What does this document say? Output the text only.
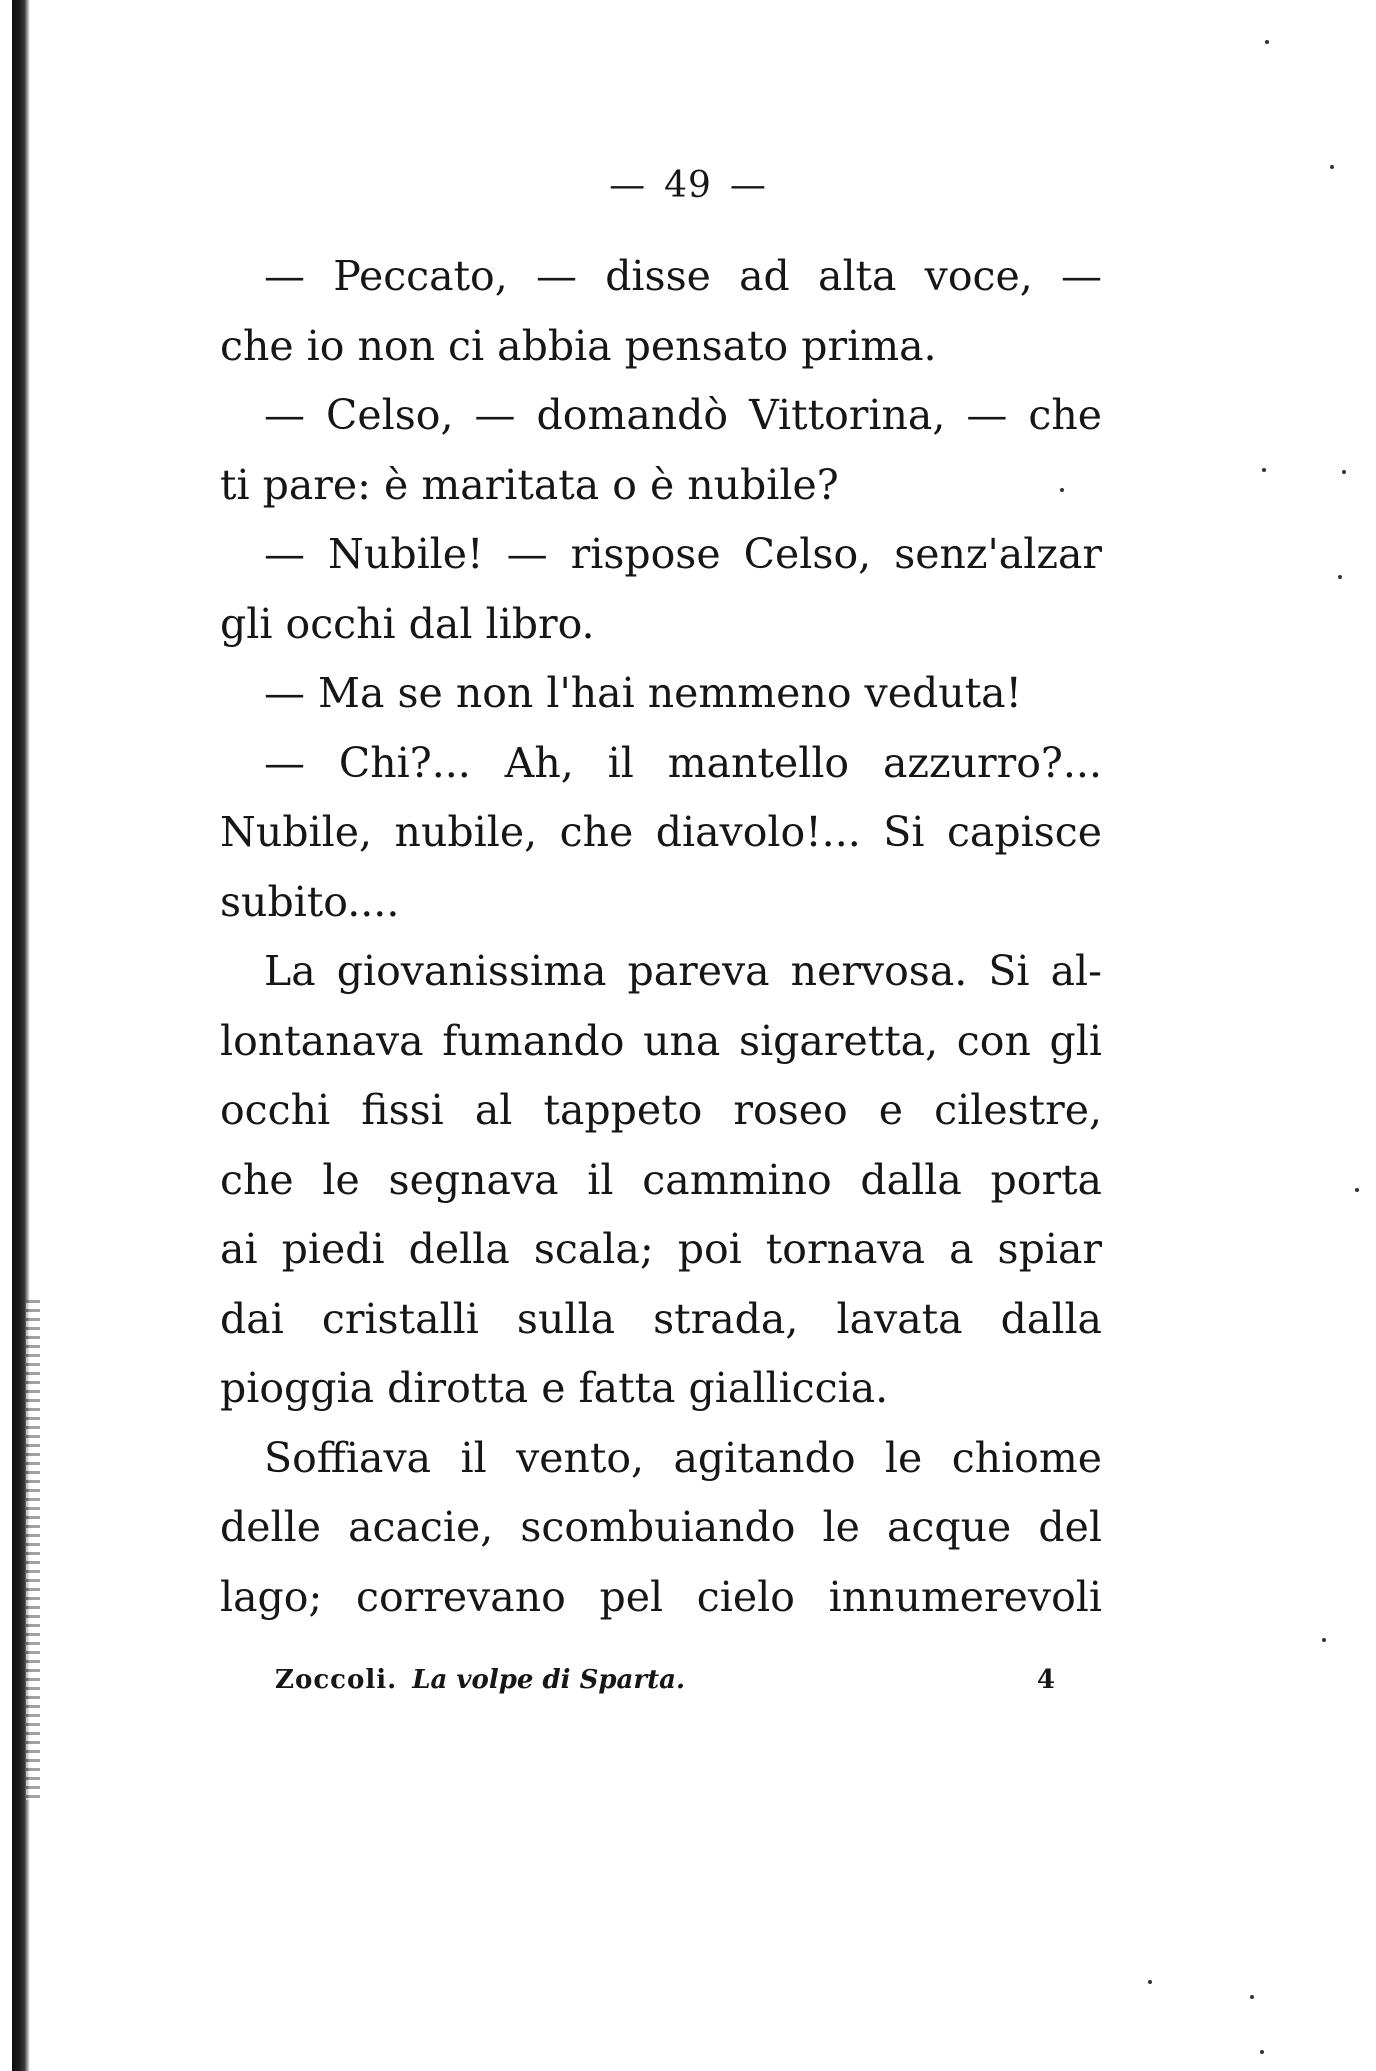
— 49 —
— Peccato, — disse ad alta voce, —
che io non ci abbia pensato prima.
— Celso, — domandò Vittorina, — che
ti pare: è maritata o è nubile?
— Nubile! — rispose Celso, senz'alzar
gli occhi dal libro.
— Ma se non l'hai nemmeno veduta!
— Chi?... Ah, il mantello azzurro?...
Nubile, nubile, che diavolo!... Si capisce
subito....
La giovanissima pareva nervosa. Si al-
lontanava fumando una sigaretta, con gli
occhi fissi al tappeto roseo e cilestre,
che le segnava il cammino dalla porta
ai piedi della scala; poi tornava a spiar
dai cristalli sulla strada, lavata dalla
pioggia dirotta e fatta gialliccia.
Soffiava il vento, agitando le chiome
delle acacie, scombuiando le acque del
lago; correvano pel cielo innumerevoli
Zoccoli. La volpe di Sparta.	4
